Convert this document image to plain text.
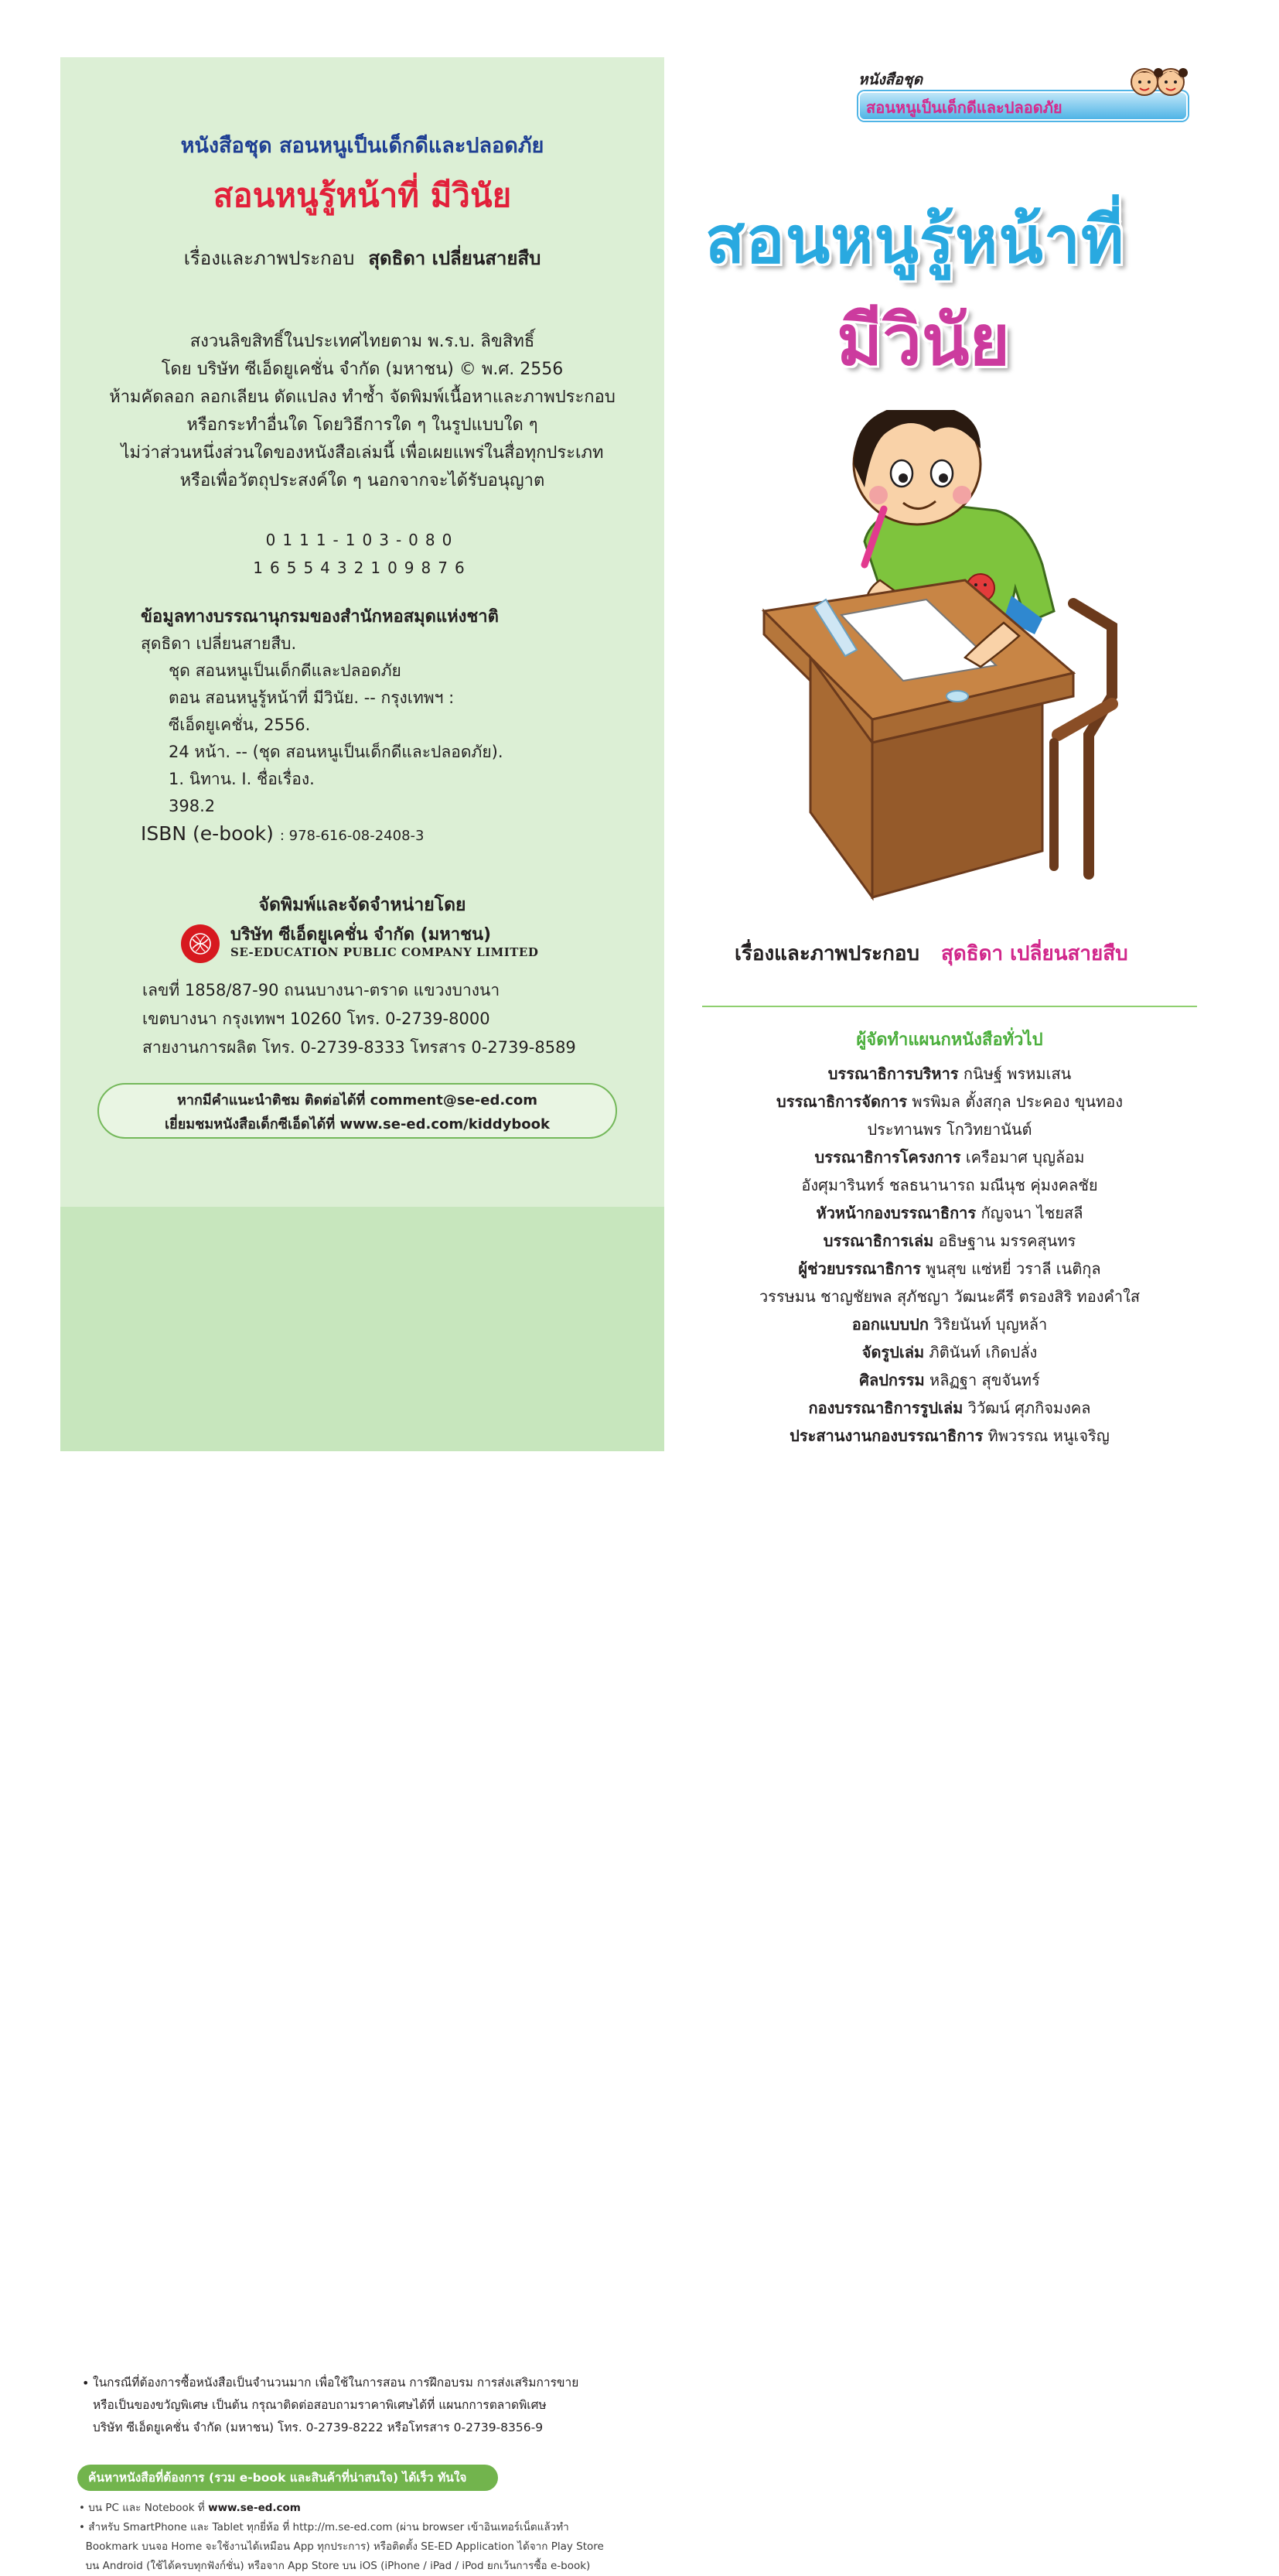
หนังสือชุด สอนหนูเป็นเด็กดีและปลอดภัย
สอนหนูรู้หน้าที่ มีวินัย
เรื่องและภาพประกอบ สุดธิดา เปลี่ยนสายสืบ
สงวนลิขสิทธิ์ในประเทศไทยตาม พ.ร.บ. ลิขสิทธิ์
โดย บริษัท ซีเอ็ดยูเคชั่น จำกัด (มหาชน) © พ.ศ. 2556
ห้ามคัดลอก ลอกเลียน ดัดแปลง ทำซ้ำ จัดพิมพ์เนื้อหาและภาพประกอบ
หรือกระทำอื่นใด โดยวิธีการใด ๆ ในรูปแบบใด ๆ
ไม่ว่าส่วนหนึ่งส่วนใดของหนังสือเล่มนี้ เพื่อเผยแพร่ในสื่อทุกประเภท
หรือเพื่อวัตถุประสงค์ใด ๆ นอกจากจะได้รับอนุญาต
0111-103-080
1655432109876
ข้อมูลทางบรรณานุกรมของสำนักหอสมุดแห่งชาติ
สุดธิดา เปลี่ยนสายสืบ.
ชุด สอนหนูเป็นเด็กดีและปลอดภัย
ตอน สอนหนูรู้หน้าที่ มีวินัย. -- กรุงเทพฯ :
ซีเอ็ดยูเคชั่น, 2556.
24 หน้า. -- (ชุด สอนหนูเป็นเด็กดีและปลอดภัย).
1. นิทาน. I. ชื่อเรื่อง.
398.2
ISBN (e-book) : 978-616-08-2408-3
จัดพิมพ์และจัดจำหน่ายโดย
บริษัท ซีเอ็ดยูเคชั่น จำกัด (มหาชน)
SE-EDUCATION PUBLIC COMPANY LIMITED
เลขที่ 1858/87-90 ถนนบางนา-ตราด แขวงบางนา
เขตบางนา กรุงเทพฯ 10260 โทร. 0-2739-8000
สายงานการผลิต โทร. 0-2739-8333 โทรสาร 0-2739-8589
หากมีคำแนะนำติชม ติดต่อได้ที่ comment@se-ed.com
เยี่ยมชมหนังสือเด็กซีเอ็ดได้ที่ www.se-ed.com/kiddybook
• ในกรณีที่ต้องการซื้อหนังสือเป็นจำนวนมาก เพื่อใช้ในการสอน การฝึกอบรม การส่งเสริมการขาย
หรือเป็นของขวัญพิเศษ เป็นต้น กรุณาติดต่อสอบถามราคาพิเศษได้ที่ แผนกการตลาดพิเศษ
บริษัท ซีเอ็ดยูเคชั่น จำกัด (มหาชน) โทร. 0-2739-8222 หรือโทรสาร 0-2739-8356-9
ค้นหาหนังสือที่ต้องการ (รวม e-book และสินค้าที่น่าสนใจ) ได้เร็ว ทันใจ
• บน PC และ Notebook ที่ www.se-ed.com
• สำหรับ SmartPhone และ Tablet ทุกยี่ห้อ ที่ http://m.se-ed.com (ผ่าน browser เข้าอินเทอร์เน็ตแล้วทำ
Bookmark บนจอ Home จะใช้งานได้เหมือน App ทุกประการ) หรือติดตั้ง SE-ED Application ได้จาก Play Store
บน Android (ใช้ได้ครบทุกฟังก์ชั่น) หรือจาก App Store บน iOS (iPhone / iPad / iPod ยกเว้นการซื้อ e-book)
หนังสือชุด
สอนหนูเป็นเด็กดีและปลอดภัย
สอนหนูรู้หน้าที่
มีวินัย
เรื่องและภาพประกอบ สุดธิดา เปลี่ยนสายสืบ
ผู้จัดทำแผนกหนังสือทั่วไป
บรรณาธิการบริหาร กนิษฐ์ พรหมเสน
บรรณาธิการจัดการ พรพิมล ตั้งสกุล ประคอง ขุนทอง
ประทานพร โกวิทยานันต์
บรรณาธิการโครงการ เครือมาศ บุญล้อม
อังศุมารินทร์ ชลธนานารถ มณีนุช คุ่มงคลชัย
หัวหน้ากองบรรณาธิการ กัญจนา ไชยสลี
บรรณาธิการเล่ม อธิษฐาน มรรคสุนทร
ผู้ช่วยบรรณาธิการ พูนสุข แซ่หยี่ วราลี เนติกุล
วรรษมน ชาญชัยพล สุภัชญา วัฒนะคีรี ตรองสิริ ทองคำใส
ออกแบบปก วิริยนันท์ บุญหล้า
จัดรูปเล่ม ภิตินันท์ เกิดปลั่ง
ศิลปกรรม หลิฏฐา สุขจันทร์
กองบรรณาธิการรูปเล่ม วิวัฒน์ ศุภกิจมงคล
ประสานงานกองบรรณาธิการ ทิพวรรณ หนูเจริญ
